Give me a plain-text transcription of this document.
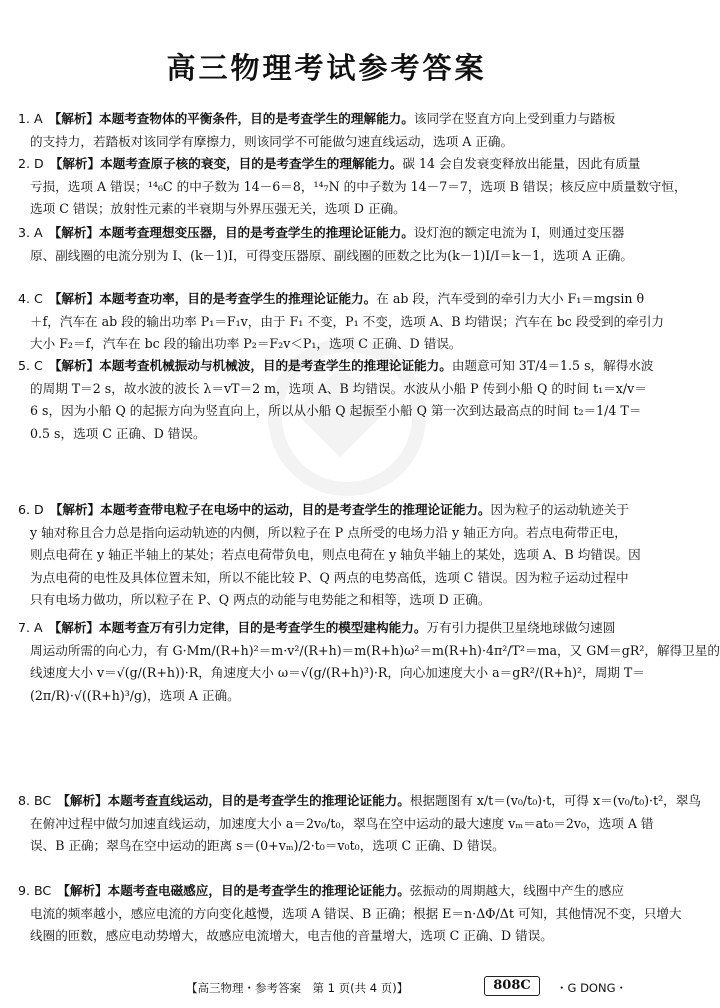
高三物理考试参考答案
1. A 【解析】本题考查物体的平衡条件，目的是考查学生的理解能力。该同学在竖直方向上受到重力与踏板
的支持力，若踏板对该同学有摩擦力，则该同学不可能做匀速直线运动，选项 A 正确。
2. D 【解析】本题考查原子核的衰变，目的是考查学生的理解能力。碳 14 会自发衰变释放出能量，因此有质量
亏损，选项 A 错误；¹⁴₆C 的中子数为 14－6＝8，¹⁴₇N 的中子数为 14－7＝7，选项 B 错误；核反应中质量数守恒，
选项 C 错误；放射性元素的半衰期与外界压强无关，选项 D 正确。
3. A 【解析】本题考查理想变压器，目的是考查学生的推理论证能力。设灯泡的额定电流为 I，则通过变压器
原、副线圈的电流分别为 I、(k－1)I，可得变压器原、副线圈的匝数之比为(k－1)I/I＝k－1，选项 A 正确。
4. C 【解析】本题考查功率，目的是考查学生的推理论证能力。在 ab 段，汽车受到的牵引力大小 F₁＝mgsin θ
＋f，汽车在 ab 段的输出功率 P₁＝F₁v，由于 F₁ 不变，P₁ 不变，选项 A、B 均错误；汽车在 bc 段受到的牵引力
大小 F₂＝f，汽车在 bc 段的输出功率 P₂＝F₂v＜P₁，选项 C 正确、D 错误。
5. C 【解析】本题考查机械振动与机械波，目的是考查学生的推理论证能力。由题意可知 3T/4＝1.5 s，解得水波
的周期 T＝2 s，故水波的波长 λ＝vT＝2 m，选项 A、B 均错误。水波从小船 P 传到小船 Q 的时间 t₁＝x/v＝
6 s，因为小船 Q 的起振方向为竖直向上，所以从小船 Q 起振至小船 Q 第一次到达最高点的时间 t₂＝1/4 T＝
0.5 s，选项 C 正确、D 错误。
6. D 【解析】本题考查带电粒子在电场中的运动，目的是考查学生的推理论证能力。因为粒子的运动轨迹关于
y 轴对称且合力总是指向运动轨迹的内侧，所以粒子在 P 点所受的电场力沿 y 轴正方向。若点电荷带正电，
则点电荷在 y 轴正半轴上的某处；若点电荷带负电，则点电荷在 y 轴负半轴上的某处，选项 A、B 均错误。因
为点电荷的电性及具体位置未知，所以不能比较 P、Q 两点的电势高低，选项 C 错误。因为粒子运动过程中
只有电场力做功，所以粒子在 P、Q 两点的动能与电势能之和相等，选项 D 正确。
7. A 【解析】本题考查万有引力定律，目的是考查学生的模型建构能力。万有引力提供卫星绕地球做匀速圆
周运动所需的向心力，有 G·Mm/(R+h)²＝m·v²/(R+h)＝m(R+h)ω²＝m(R+h)·4π²/T²＝ma，又 GM＝gR²，解得卫星的
线速度大小 v＝√(g/(R+h))·R，角速度大小 ω＝√(g/(R+h)³)·R，向心加速度大小 a＝gR²/(R+h)²，周期 T＝
(2π/R)·√((R+h)³/g)，选项 A 正确。
8. BC 【解析】本题考查直线运动，目的是考查学生的推理论证能力。根据题图有 x/t＝(v₀/t₀)·t，可得 x＝(v₀/t₀)·t²，翠鸟
在俯冲过程中做匀加速直线运动，加速度大小 a＝2v₀/t₀，翠鸟在空中运动的最大速度 vₘ＝at₀＝2v₀，选项 A 错
误、B 正确；翠鸟在空中运动的距离 s＝(0+vₘ)/2·t₀＝v₀t₀，选项 C 正确、D 错误。
9. BC 【解析】本题考查电磁感应，目的是考查学生的推理论证能力。弦振动的周期越大，线圈中产生的感应
电流的频率越小，感应电流的方向变化越慢，选项 A 错误、B 正确；根据 E＝n·ΔΦ/Δt 可知，其他情况不变，只增大
线圈的匝数，感应电动势增大，故感应电流增大，电吉他的音量增大，选项 C 正确、D 错误。
【高三物理・参考答案　第 1 页(共 4 页)】	808C	・G DONG・
